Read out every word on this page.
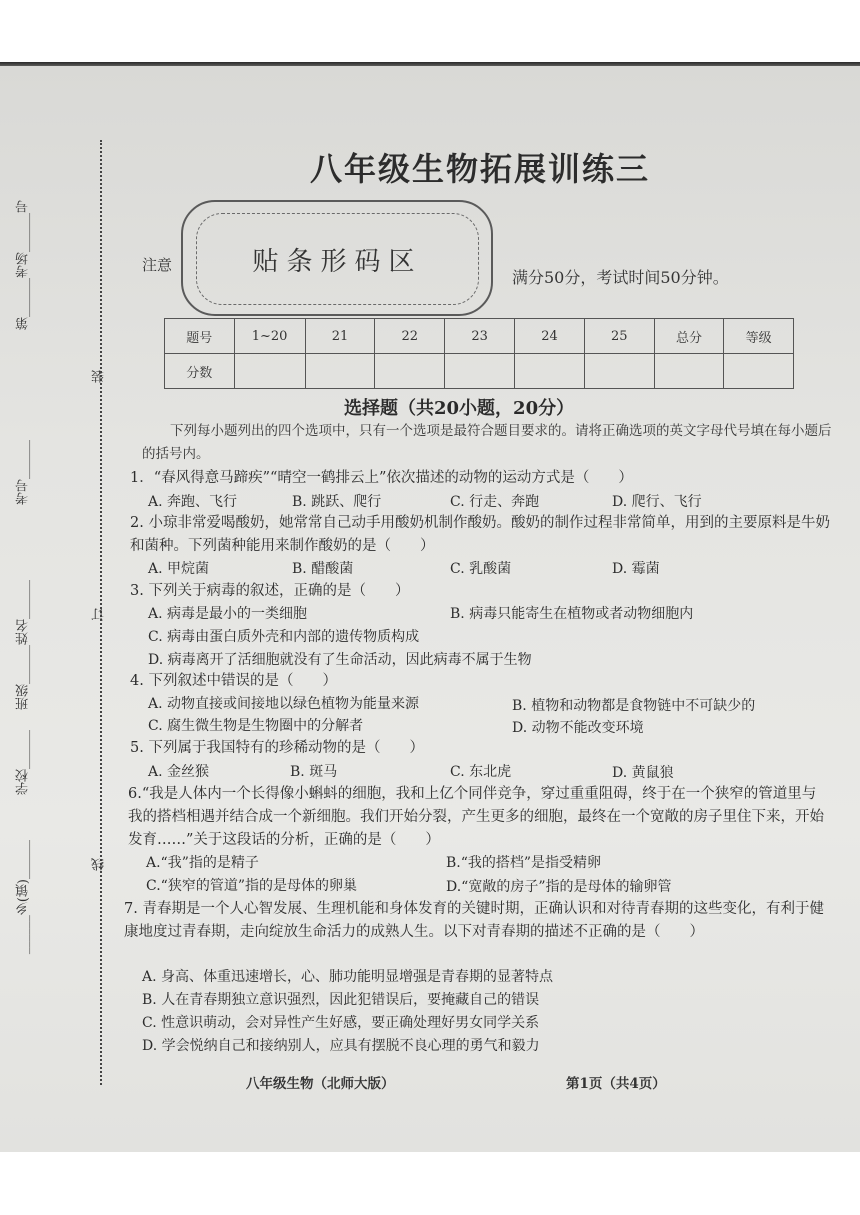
第______考场______号
考号______
班级______姓名______
学校______
______乡(镇)______
装
订
线
八年级生物拓展训练三
注意	贴条形码区
满分50分，考试时间50分钟。
题号	1~20	21	22	23	24	25	总分	等级
分数								
选择题（共20小题，20分）
下列每小题列出的四个选项中，只有一个选项是最符合题目要求的。请将正确选项的英文字母代号填在每小题后的括号内。
1．“春风得意马蹄疾”“晴空一鹤排云上”依次描述的动物的运动方式是（　　）
A. 奔跑、飞行	B. 跳跃、爬行	C. 行走、奔跑	D. 爬行、飞行
2. 小琼非常爱喝酸奶，她常常自己动手用酸奶机制作酸奶。酸奶的制作过程非常简单，用到的主要原料是牛奶和菌种。下列菌种能用来制作酸奶的是（　　）
A. 甲烷菌	B. 醋酸菌	C. 乳酸菌	D. 霉菌
3. 下列关于病毒的叙述，正确的是（　　）
A. 病毒是最小的一类细胞	B. 病毒只能寄生在植物或者动物细胞内
C. 病毒由蛋白质外壳和内部的遗传物质构成
D. 病毒离开了活细胞就没有了生命活动，因此病毒不属于生物
4. 下列叙述中错误的是（　　）
A. 动物直接或间接地以绿色植物为能量来源	B. 植物和动物都是食物链中不可缺少的
C. 腐生微生物是生物圈中的分解者	D. 动物不能改变环境
5. 下列属于我国特有的珍稀动物的是（　　）
A. 金丝猴	B. 斑马	C. 东北虎	D. 黄鼠狼
6.“我是人体内一个长得像小蝌蚪的细胞，我和上亿个同伴竞争，穿过重重阻碍，终于在一个狭窄的管道里与我的搭档相遇并结合成一个新细胞。我们开始分裂，产生更多的细胞，最终在一个宽敞的房子里住下来，开始发育……”关于这段话的分析，正确的是（　　）
A.“我”指的是精子	B.“我的搭档”是指受精卵
C.“狭窄的管道”指的是母体的卵巢	D.“宽敞的房子”指的是母体的输卵管
7. 青春期是一个人心智发展、生理机能和身体发育的关键时期，正确认识和对待青春期的这些变化，有利于健康地度过青春期，走向绽放生命活力的成熟人生。以下对青春期的描述不正确的是（　　）
A. 身高、体重迅速增长，心、肺功能明显增强是青春期的显著特点
B. 人在青春期独立意识强烈，因此犯错误后，要掩藏自己的错误
C. 性意识萌动，会对异性产生好感，要正确处理好男女同学关系
D. 学会悦纳自己和接纳别人，应具有摆脱不良心理的勇气和毅力
八年级生物（北师大版）	第1页（共4页）
